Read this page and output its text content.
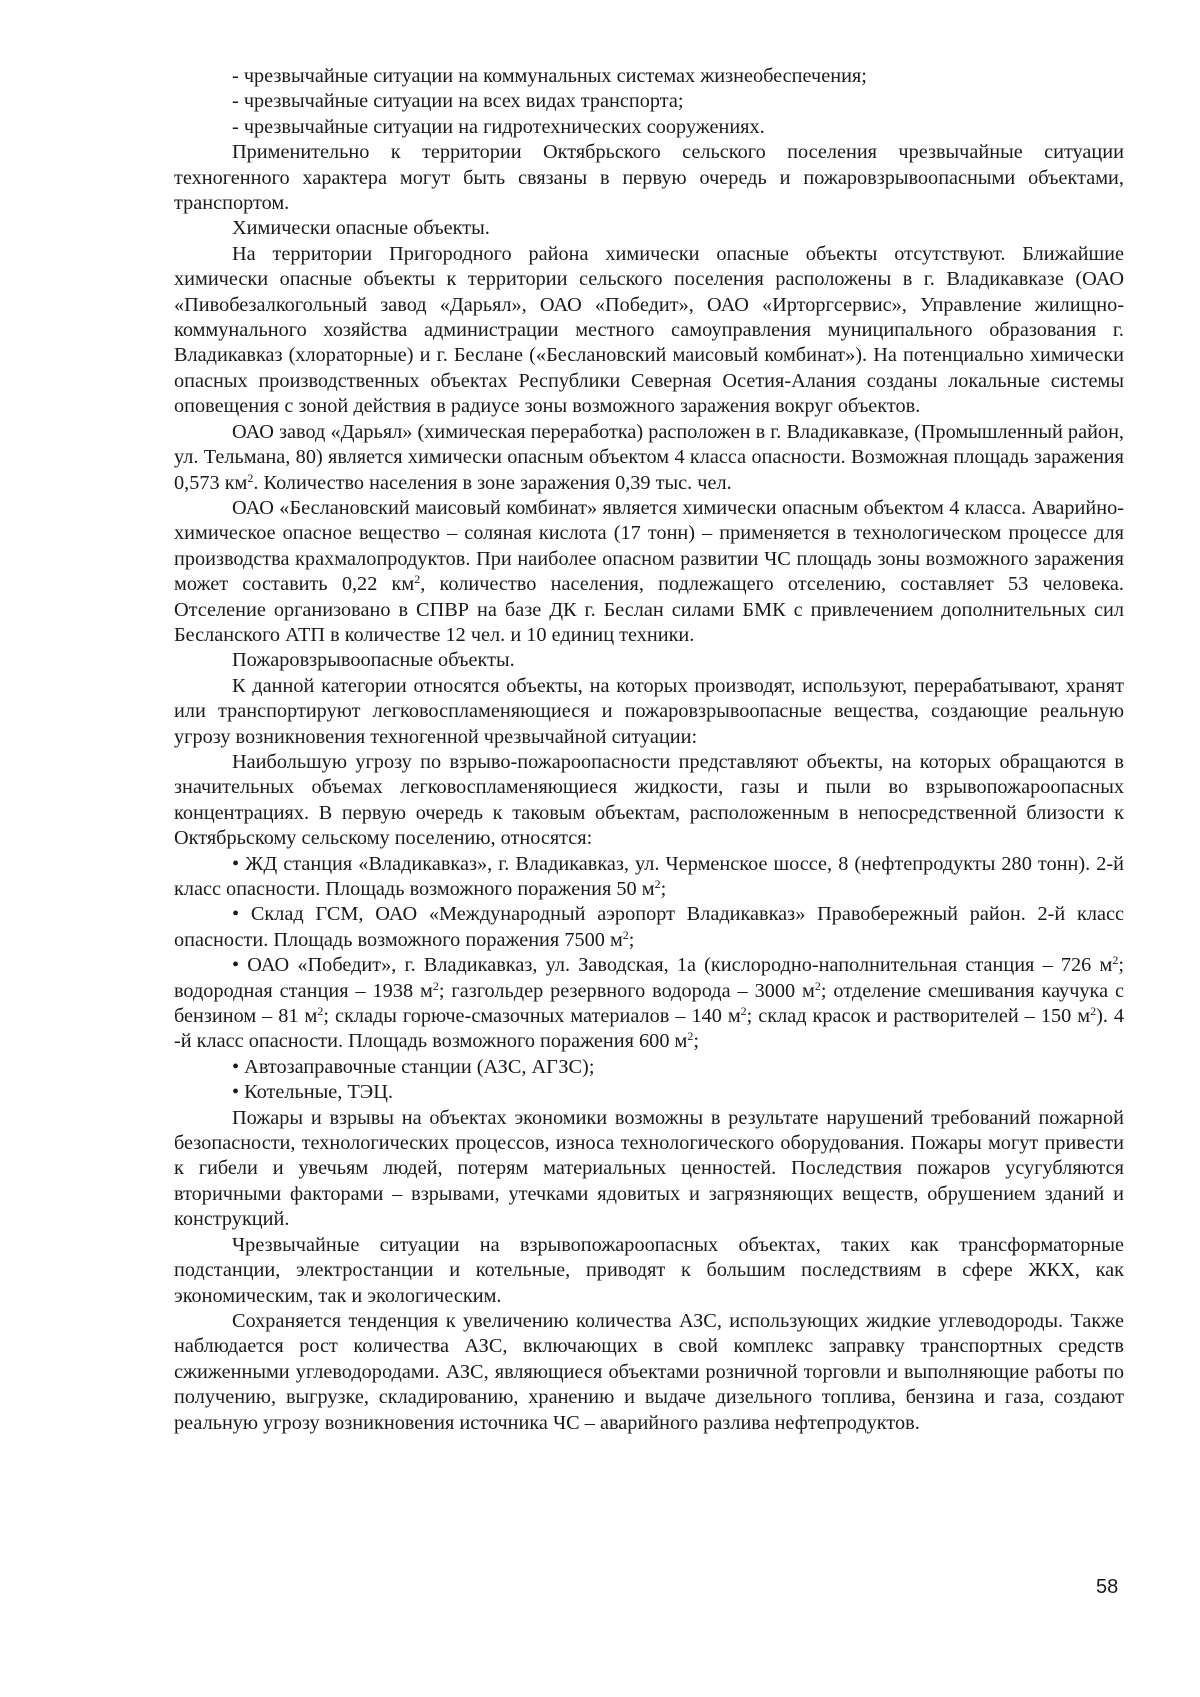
- чрезвычайные ситуации на коммунальных системах жизнеобеспечения;

- чрезвычайные ситуации на всех видах транспорта;

- чрезвычайные ситуации на гидротехнических сооружениях.

Применительно к территории Октябрьского сельского поселения чрезвычайные ситуации техногенного характера могут быть связаны в первую очередь и пожаровзрывоопасными объектами, транспортом.

Химически опасные объекты.

На территории Пригородного района химически опасные объекты отсутствуют. Ближайшие химически опасные объекты к территории сельского поселения расположены в г. Владикавказе (ОАО «Пивобезалкогольный завод «Дарьял», ОАО «Победит», ОАО «Ирторгсервис», Управление жилищно-коммунального хозяйства администрации местного самоуправления муниципального образования г. Владикавказ (хлораторные) и г. Беслане («Беслановский маисовый комбинат»). На потенциально химически опасных производственных объектах Республики Северная Осетия-Алания созданы локальные системы оповещения с зоной действия в радиусе зоны возможного заражения вокруг объектов.

ОАО завод «Дарьял» (химическая переработка) расположен в г. Владикавказе, (Промышленный район, ул. Тельмана, 80) является химически опасным объектом 4 класса опасности. Возможная площадь заражения 0,573 $км^2$. Количество населения в зоне заражения 0,39 тыс. чел.

ОАО «Беслановский маисовый комбинат» является химически опасным объектом 4 класса. Аварийно-химическое опасное вещество – соляная кислота (17 тонн) – применяется в технологическом процессе для производства крахмалопродуктов. При наиболее опасном развитии ЧС площадь зоны возможного заражения может составить 0,22 $км^2$, количество населения, подлежащего отселению, составляет 53 человека. Отселение организовано в СПВР на базе ДК г. Беслан силами БМК с привлечением дополнительных сил Бесланского АТП в количестве 12 чел. и 10 единиц техники.

Пожаровзрывоопасные объекты.

К данной категории относятся объекты, на которых производят, используют, перерабатывают, хранят или транспортируют легковоспламеняющиеся и пожаровзрывоопасные вещества, создающие реальную угрозу возникновения техногенной чрезвычайной ситуации:

Наибольшую угрозу по взрыво-пожароопасности представляют объекты, на которых обращаются в значительных объемах легковоспламеняющиеся жидкости, газы и пыли во взрывопожароопасных концентрациях. В первую очередь к таковым объектам, расположенным в непосредственной близости к Октябрьскому сельскому поселению, относятся:

• ЖД станция «Владикавказ», г. Владикавказ, ул. Черменское шоссе, 8 (нефтепродукты 280 тонн). 2-й класс опасности. Площадь возможного поражения 50 $м^2$;

• Склад ГСМ, ОАО «Международный аэропорт Владикавказ» Правобережный район. 2-й класс опасности. Площадь возможного поражения 7500 $м^2$;

• ОАО «Победит», г. Владикавказ, ул. Заводская, 1а (кислородно-наполнительная станция – 726 $м^2$; водородная станция – 1938 $м^2$; газгольдер резервного водорода – 3000 $м^2$; отделение смешивания каучука с бензином – 81 $м^2$; склады горюче-смазочных материалов – 140 $м^2$; склад красок и растворителей – 150 $м^2$). 4 -й класс опасности. Площадь возможного поражения 600 $м^2$;

• Автозаправочные станции (АЗС, АГЗС);

• Котельные, ТЭЦ.

Пожары и взрывы на объектах экономики возможны в результате нарушений требований пожарной безопасности, технологических процессов, износа технологического оборудования. Пожары могут привести к гибели и увечьям людей, потерям материальных ценностей. Последствия пожаров усугубляются вторичными факторами – взрывами, утечками ядовитых и загрязняющих веществ, обрушением зданий и конструкций.

Чрезвычайные ситуации на взрывопожароопасных объектах, таких как трансформаторные подстанции, электростанции и котельные, приводят к большим последствиям в сфере ЖКХ, как экономическим, так и экологическим.

Сохраняется тенденция к увеличению количества АЗС, использующих жидкие углеводороды. Также наблюдается рост количества АЗС, включающих в свой комплекс заправку транспортных средств сжиженными углеводородами. АЗС, являющиеся объектами розничной торговли и выполняющие работы по получению, выгрузке, складированию, хранению и выдаче дизельного топлива, бензина и газа, создают реальную угрозу возникновения источника ЧС – аварийного разлива нефтепродуктов.

58
